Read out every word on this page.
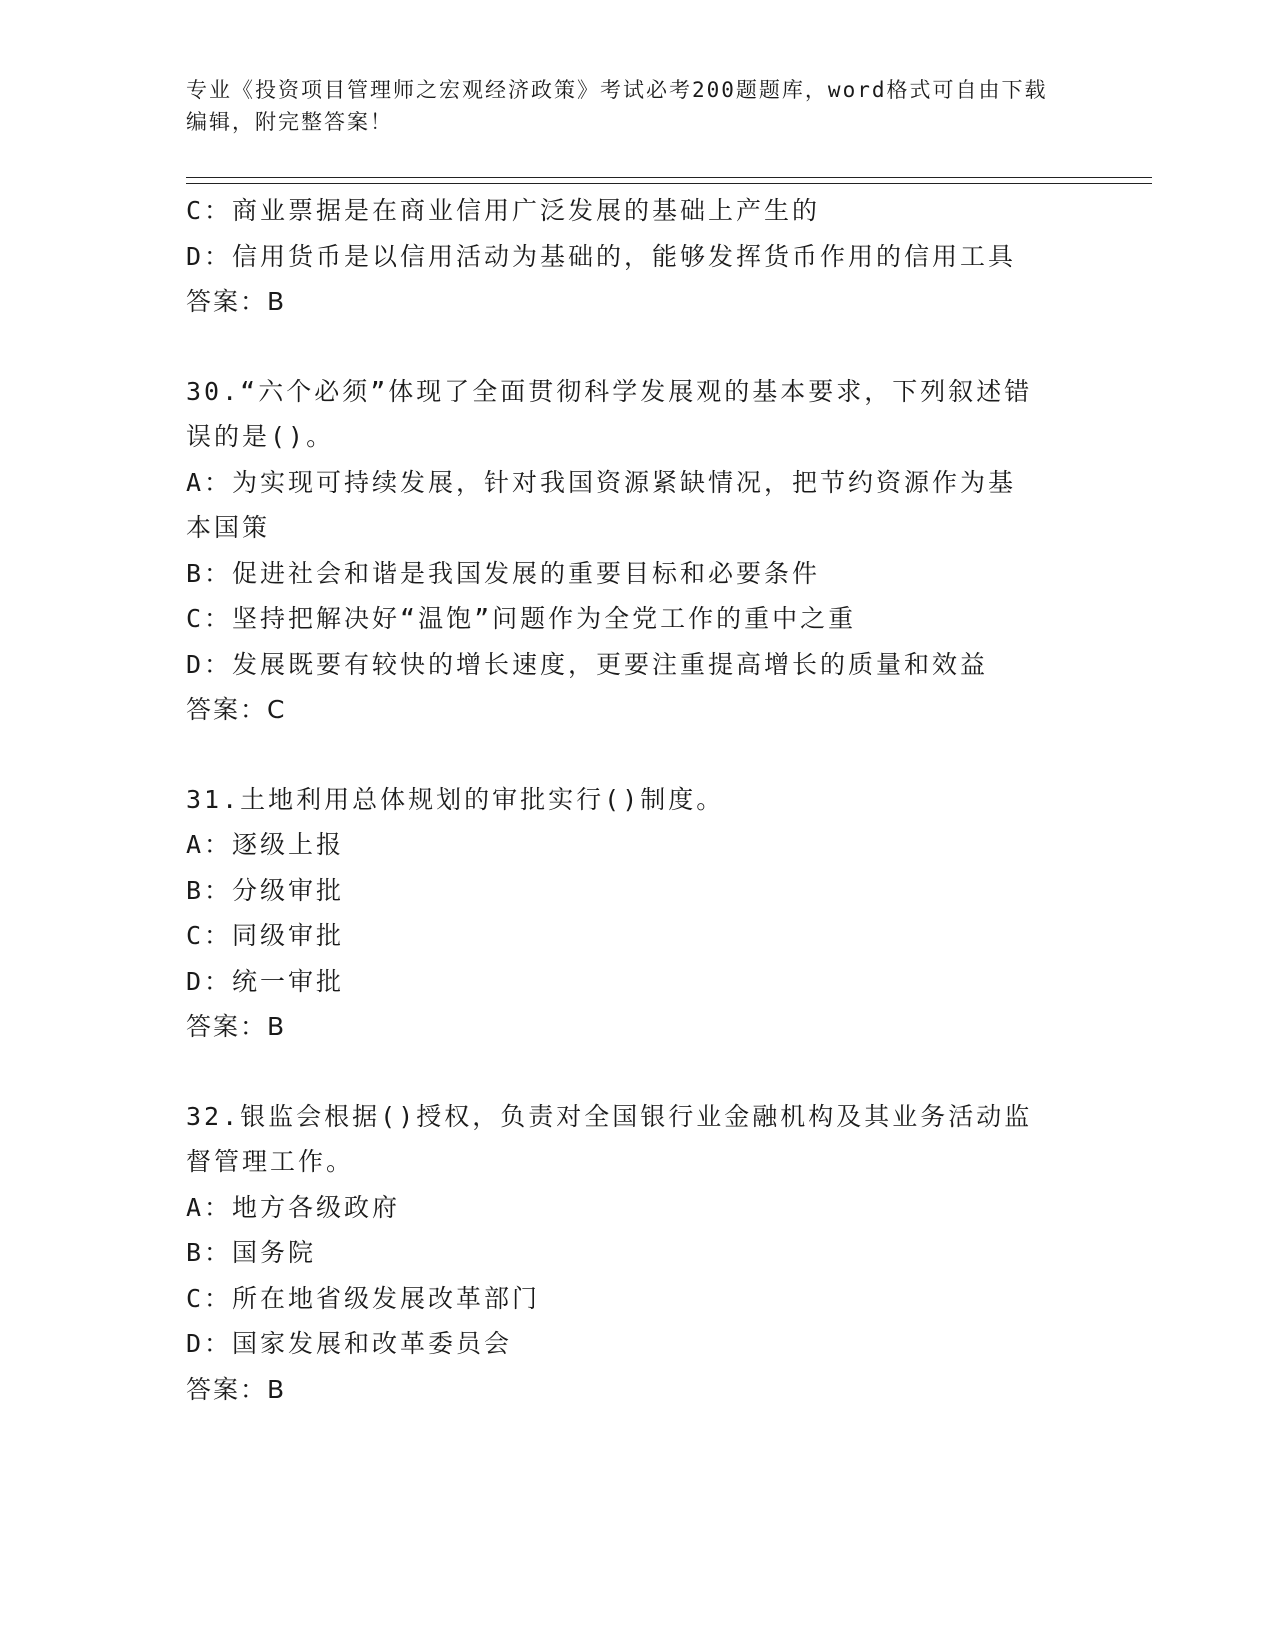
专业《投资项目管理师之宏观经济政策》考试必考200题题库，word格式可自由下载编辑，附完整答案！
C：商业票据是在商业信用广泛发展的基础上产生的
D：信用货币是以信用活动为基础的，能够发挥货币作用的信用工具
答案：B
30.“六个必须”体现了全面贯彻科学发展观的基本要求，下列叙述错误的是()。
A：为实现可持续发展，针对我国资源紧缺情况，把节约资源作为基本国策
B：促进社会和谐是我国发展的重要目标和必要条件
C：坚持把解决好“温饱”问题作为全党工作的重中之重
D：发展既要有较快的增长速度，更要注重提高增长的质量和效益
答案：C
31.土地利用总体规划的审批实行()制度。
A：逐级上报
B：分级审批
C：同级审批
D：统一审批
答案：B
32.银监会根据()授权，负责对全国银行业金融机构及其业务活动监督管理工作。
A：地方各级政府
B：国务院
C：所在地省级发展改革部门
D：国家发展和改革委员会
答案：B
